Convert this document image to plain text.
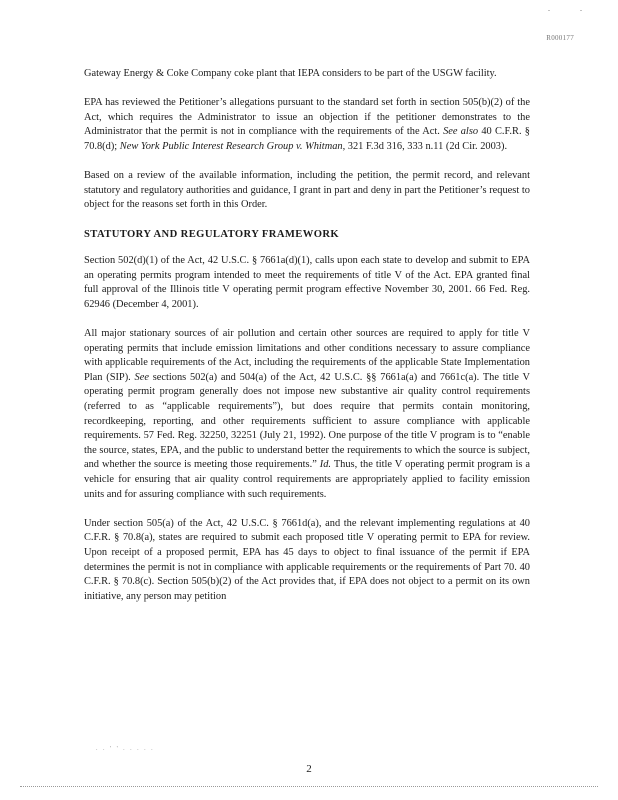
. .
R000177

Gateway Energy & Coke Company coke plant that IEPA considers to be part of the USGW facility.

EPA has reviewed the Petitioner’s allegations pursuant to the standard set forth in section 505(b)(2) of the Act, which requires the Administrator to issue an objection if the petitioner demonstrates to the Administrator that the permit is not in compliance with the requirements of the Act. See also 40 C.F.R. § 70.8(d); New York Public Interest Research Group v. Whitman, 321 F.3d 316, 333 n.11 (2d Cir. 2003).

Based on a review of the available information, including the petition, the permit record, and relevant statutory and regulatory authorities and guidance, I grant in part and deny in part the Petitioner’s request to object for the reasons set forth in this Order.

STATUTORY AND REGULATORY FRAMEWORK

Section 502(d)(1) of the Act, 42 U.S.C. § 7661a(d)(1), calls upon each state to develop and submit to EPA an operating permits program intended to meet the requirements of title V of the Act. EPA granted final full approval of the Illinois title V operating permit program effective November 30, 2001. 66 Fed. Reg. 62946 (December 4, 2001).

All major stationary sources of air pollution and certain other sources are required to apply for title V operating permits that include emission limitations and other conditions necessary to assure compliance with applicable requirements of the Act, including the requirements of the applicable State Implementation Plan (SIP). See sections 502(a) and 504(a) of the Act, 42 U.S.C. §§ 7661a(a) and 7661c(a). The title V operating permit program generally does not impose new substantive air quality control requirements (referred to as “applicable requirements”), but does require that permits contain monitoring, recordkeeping, reporting, and other requirements sufficient to assure compliance with applicable requirements. 57 Fed. Reg. 32250, 32251 (July 21, 1992). One purpose of the title V program is to “enable the source, states, EPA, and the public to understand better the requirements to which the source is subject, and whether the source is meeting those requirements.” Id. Thus, the title V operating permit program is a vehicle for ensuring that air quality control requirements are appropriately applied to facility emission units and for assuring compliance with such requirements.

Under section 505(a) of the Act, 42 U.S.C. § 7661d(a), and the relevant implementing regulations at 40 C.F.R. § 70.8(a), states are required to submit each proposed title V operating permit to EPA for review. Upon receipt of a proposed permit, EPA has 45 days to object to final issuance of the permit if EPA determines the permit is not in compliance with applicable requirements or the requirements of Part 70. 40 C.F.R. § 70.8(c). Section 505(b)(2) of the Act provides that, if EPA does not object to a permit on its own initiative, any person may petition

. . ' ' . . . . .
2
